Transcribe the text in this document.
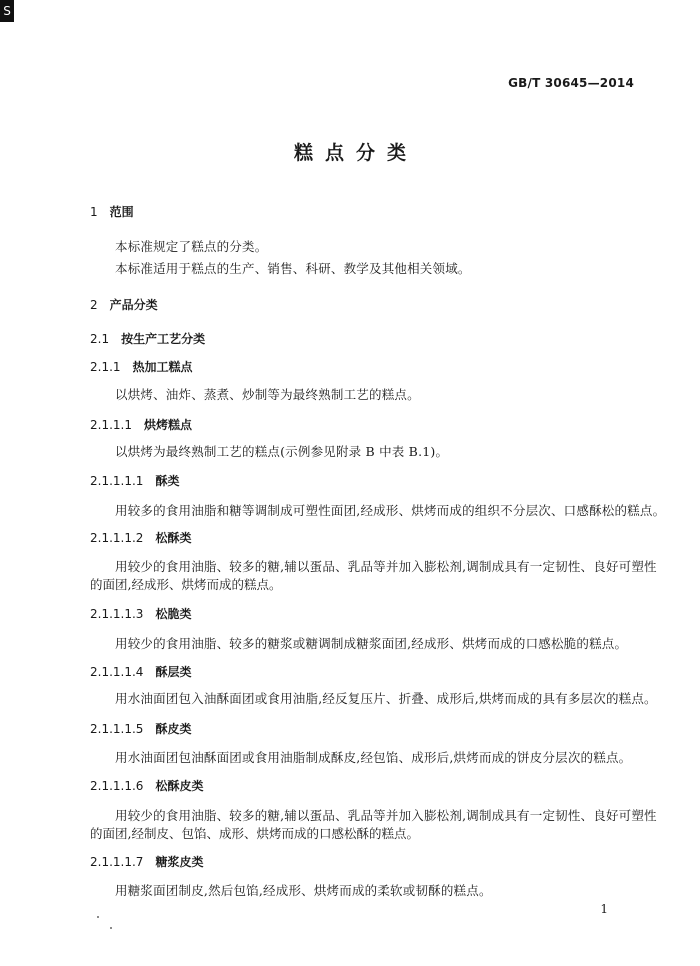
S
GB/T 30645—2014
糕点分类
1 范围
本标准规定了糕点的分类。
本标准适用于糕点的生产、销售、科研、教学及其他相关领域。
2 产品分类
2.1 按生产工艺分类
2.1.1 热加工糕点
以烘烤、油炸、蒸煮、炒制等为最终熟制工艺的糕点。
2.1.1.1 烘烤糕点
以烘烤为最终熟制工艺的糕点(示例参见附录 B 中表 B.1)。
2.1.1.1.1 酥类
用较多的食用油脂和糖等调制成可塑性面团,经成形、烘烤而成的组织不分层次、口感酥松的糕点。
2.1.1.1.2 松酥类
用较少的食用油脂、较多的糖,辅以蛋品、乳品等并加入膨松剂,调制成具有一定韧性、良好可塑性
的面团,经成形、烘烤而成的糕点。
2.1.1.1.3 松脆类
用较少的食用油脂、较多的糖浆或糖调制成糖浆面团,经成形、烘烤而成的口感松脆的糕点。
2.1.1.1.4 酥层类
用水油面团包入油酥面团或食用油脂,经反复压片、折叠、成形后,烘烤而成的具有多层次的糕点。
2.1.1.1.5 酥皮类
用水油面团包油酥面团或食用油脂制成酥皮,经包馅、成形后,烘烤而成的饼皮分层次的糕点。
2.1.1.1.6 松酥皮类
用较少的食用油脂、较多的糖,辅以蛋品、乳品等并加入膨松剂,调制成具有一定韧性、良好可塑性
的面团,经制皮、包馅、成形、烘烤而成的口感松酥的糕点。
2.1.1.1.7 糖浆皮类
用糖浆面团制皮,然后包馅,经成形、烘烤而成的柔软或韧酥的糕点。
1
